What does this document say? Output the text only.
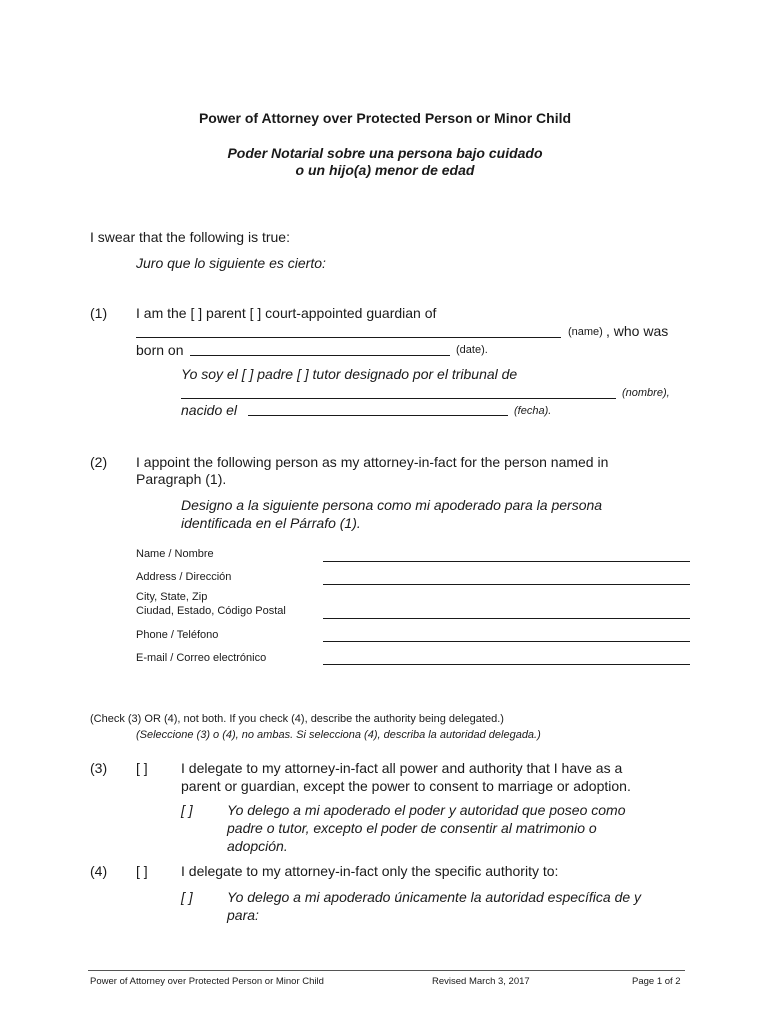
Power of Attorney over Protected Person or Minor Child
Poder Notarial sobre una persona bajo cuidado
o un hijo(a) menor de edad
I swear that the following is true:
Juro que lo siguiente es cierto:
(1) I am the [ ] parent [ ] court-appointed guardian of
(name) , who was
born on	(date).
Yo soy el [ ] padre [ ] tutor designado por el tribunal de
(nombre),
nacido el	(fecha).
(2) I appoint the following person as my attorney-in-fact for the person named in
Paragraph (1).
Designo a la siguiente persona como mi apoderado para la persona
identificada en el Párrafo (1).
Name / Nombre
Address / Dirección
City, State, Zip
Ciudad, Estado, Código Postal
Phone / Teléfono
E-mail / Correo electrónico
(Check (3) OR (4), not both. If you check (4), describe the authority being delegated.)
(Seleccione (3) o (4), no ambas. Si selecciona (4), describa la autoridad delegada.)
(3) [ ] I delegate to my attorney-in-fact all power and authority that I have as a
parent or guardian, except the power to consent to marriage or adoption.
[ ] Yo delego a mi apoderado el poder y autoridad que poseo como
padre o tutor, excepto el poder de consentir al matrimonio o
adopción.
(4) [ ] I delegate to my attorney-in-fact only the specific authority to:
[ ] Yo delego a mi apoderado únicamente la autoridad específica de y
para:
Power of Attorney over Protected Person or Minor Child	Revised March 3, 2017	Page 1 of 2
